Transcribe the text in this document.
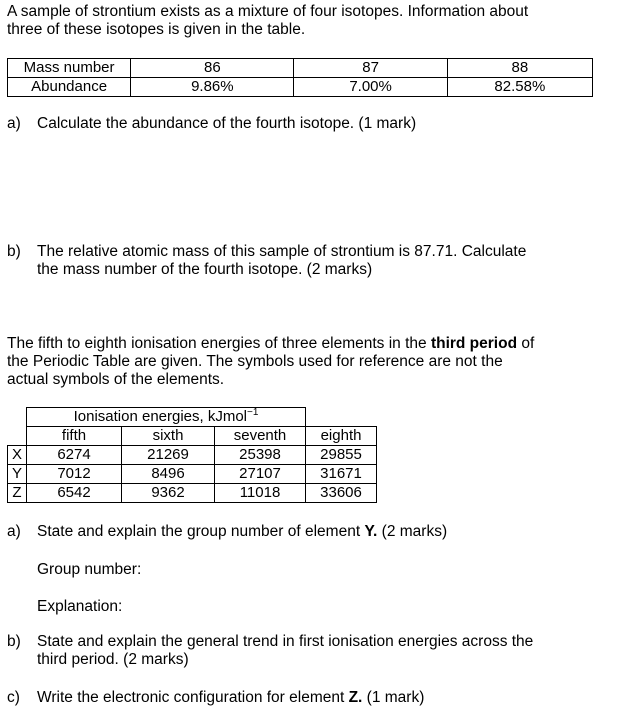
A sample of strontium exists as a mixture of four isotopes. Information about

three of these isotopes is given in the table.

Mass number	86	87	88
Abundance	9.86%	7.00%	82.58%
a) Calculate the abundance of the fourth isotope. (1 mark)
b) The relative atomic mass of this sample of strontium is 87.71. Calculate
the mass number of the fourth isotope. (2 marks)

The fifth to eighth ionisation energies of three elements in the third period of

the Periodic Table are given. The symbols used for reference are not the

actual symbols of the elements.

	Ionisation energies, kJmol$^{-1}$	
	fifth	sixth	seventh	eighth
X	6274	21269	25398	29855
Y	7012	8496	27107	31671
Z	6542	9362	11018	33606
a) State and explain the group number of element Y. (2 marks)

Group number:

Explanation:

b) State and explain the general trend in first ionisation energies across the
third period. (2 marks)
c) Write the electronic configuration for element Z. (1 mark)
